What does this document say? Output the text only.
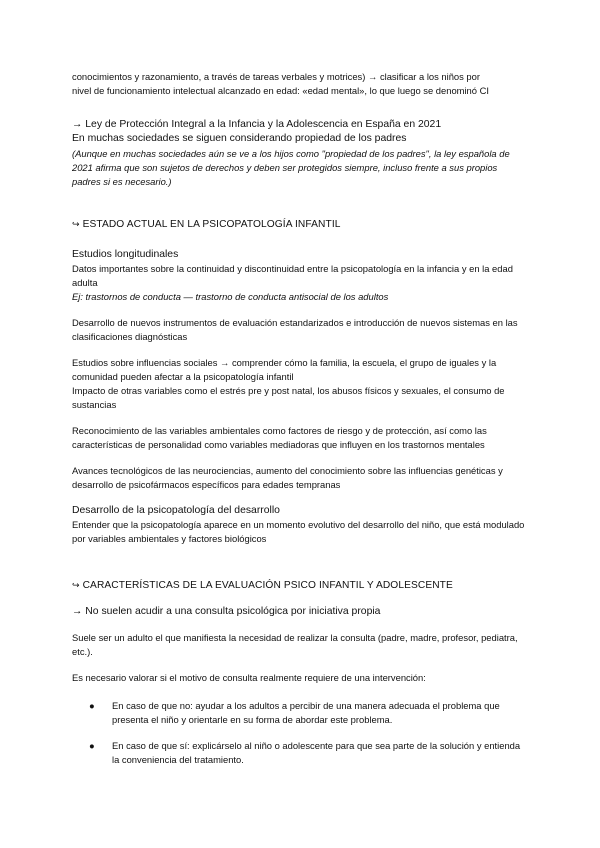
conocimientos y razonamiento, a través de tareas verbales y motrices) → clasificar a los niños por

nivel de funcionamiento intelectual alcanzado en edad: «edad mental», lo que luego se denominó CI

→ Ley de Protección Integral a la Infancia y la Adolescencia en España en 2021

En muchas sociedades se siguen considerando propiedad de los padres

(Aunque en muchas sociedades aún se ve a los hijos como "propiedad de los padres", la ley española de 2021 afirma que son sujetos de derechos y deben ser protegidos siempre, incluso frente a sus propios padres si es necesario.)

↪ ESTADO ACTUAL EN LA PSICOPATOLOGÍA INFANTIL

Estudios longitudinales

Datos importantes sobre la continuidad y discontinuidad entre la psicopatología en la infancia y en la edad adulta

Ej: trastornos de conducta — trastorno de conducta antisocial de los adultos

Desarrollo de nuevos instrumentos de evaluación estandarizados e introducción de nuevos sistemas en las clasificaciones diagnósticas

Estudios sobre influencias sociales → comprender cómo la familia, la escuela, el grupo de iguales y la comunidad pueden afectar a la psicopatología infantil

Impacto de otras variables como el estrés pre y post natal, los abusos físicos y sexuales, el consumo de sustancias

Reconocimiento de las variables ambientales como factores de riesgo y de protección, así como las características de personalidad como variables mediadoras que influyen en los trastornos mentales

Avances tecnológicos de las neurociencias, aumento del conocimiento sobre las influencias genéticas y desarrollo de psicofármacos específicos para edades tempranas

Desarrollo de la psicopatología del desarrollo

Entender que la psicopatología aparece en un momento evolutivo del desarrollo del niño, que está modulado por variables ambientales y factores biológicos

↪ CARACTERÍSTICAS DE LA EVALUACIÓN PSICO INFANTIL Y ADOLESCENTE

→ No suelen acudir a una consulta psicológica por iniciativa propia

Suele ser un adulto el que manifiesta la necesidad de realizar la consulta (padre, madre, profesor, pediatra, etc.).

Es necesario valorar si el motivo de consulta realmente requiere de una intervención:

● En caso de que no: ayudar a los adultos a percibir de una manera adecuada el problema que presenta el niño y orientarle en su forma de abordar este problema.
● En caso de que sí: explicárselo al niño o adolescente para que sea parte de la solución y entienda la conveniencia del tratamiento.
